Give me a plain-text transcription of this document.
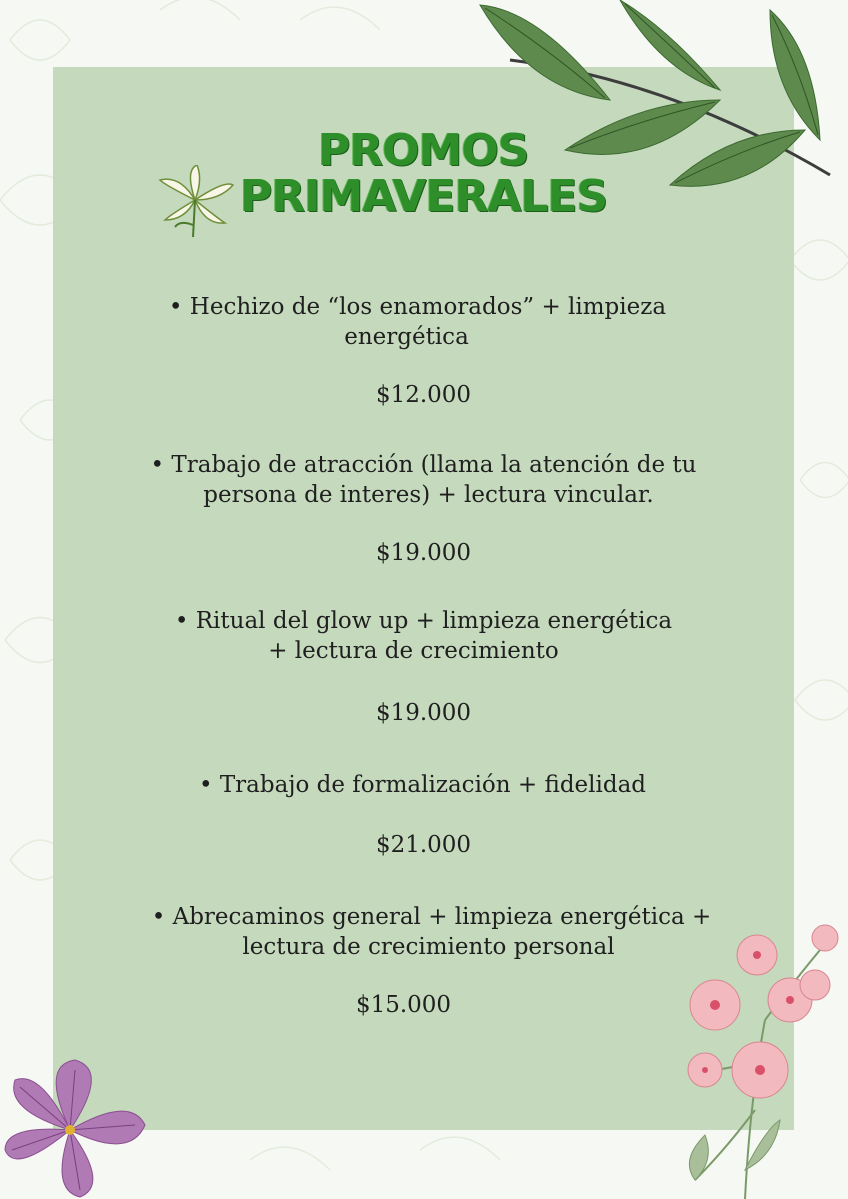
PROMOS
PRIMAVERALES
• Hechizo de “los enamorados” + limpieza
energética
$12.000
• Trabajo de atracción (llama la atención de tu
persona de interes) + lectura vincular.
$19.000
• Ritual del glow up + limpieza energética
+ lectura de crecimiento
$19.000
• Trabajo de formalización + fidelidad
$21.000
• Abrecaminos general + limpieza energética +
lectura de crecimiento personal
$15.000
